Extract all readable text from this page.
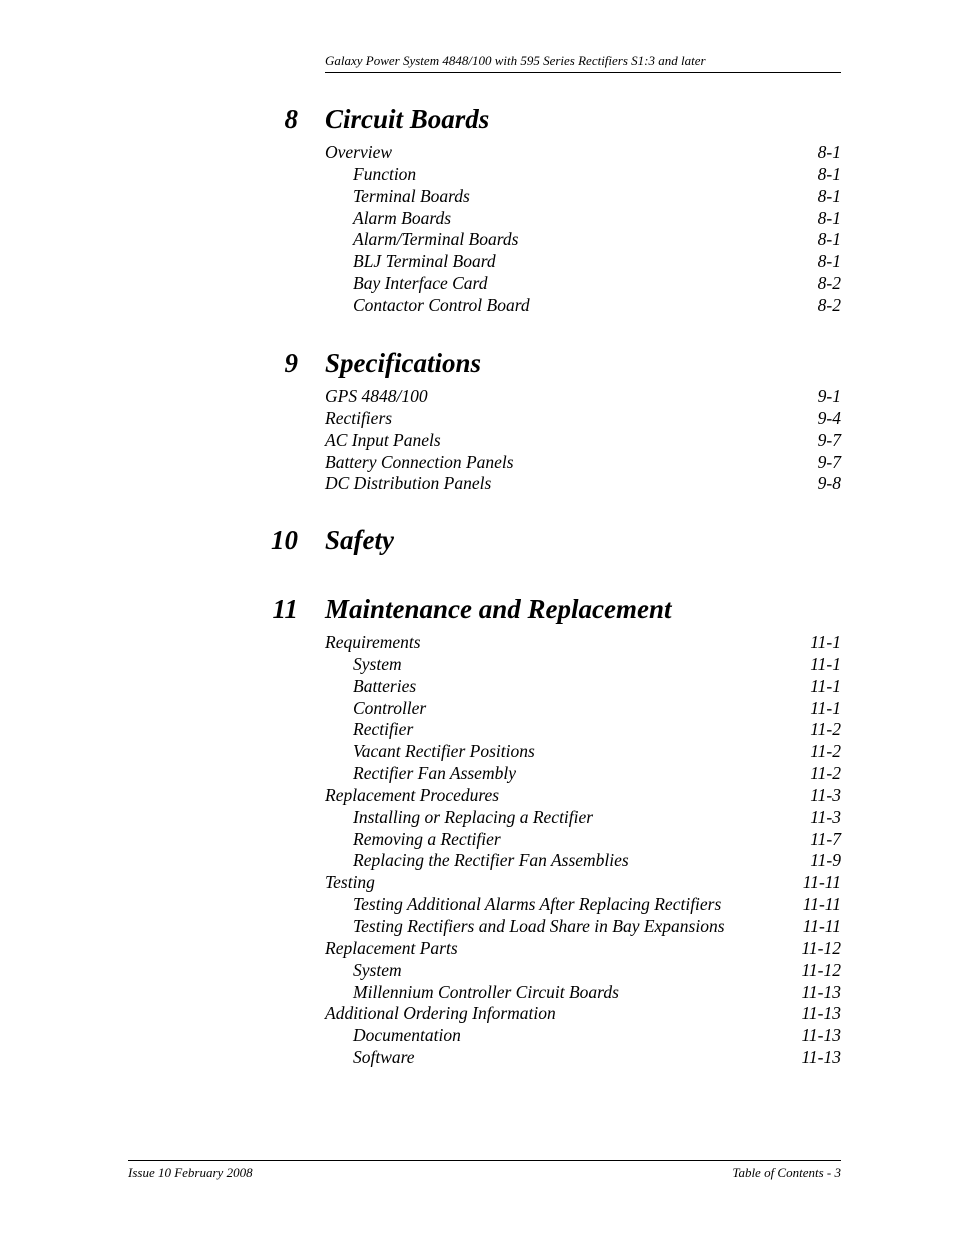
Galaxy Power System 4848/100 with 595 Series Rectifiers S1:3 and later
8 Circuit Boards
Overview	8-1
Function	8-1
Terminal Boards	8-1
Alarm Boards	8-1
Alarm/Terminal Boards	8-1
BLJ Terminal Board	8-1
Bay Interface Card	8-2
Contactor Control Board	8-2
9 Specifications
GPS 4848/100	9-1
Rectifiers	9-4
AC Input Panels	9-7
Battery Connection Panels	9-7
DC Distribution Panels	9-8
10 Safety
11 Maintenance and Replacement
Requirements	11-1
System	11-1
Batteries	11-1
Controller	11-1
Rectifier	11-2
Vacant Rectifier Positions	11-2
Rectifier Fan Assembly	11-2
Replacement Procedures	11-3
Installing or Replacing a Rectifier	11-3
Removing a Rectifier	11-7
Replacing the Rectifier Fan Assemblies	11-9
Testing	11-11
Testing Additional Alarms After Replacing Rectifiers	11-11
Testing Rectifiers and Load Share in Bay Expansions	11-11
Replacement Parts	11-12
System	11-12
Millennium Controller Circuit Boards	11-13
Additional Ordering Information	11-13
Documentation	11-13
Software	11-13
Issue 10 February 2008	Table of Contents - 3
